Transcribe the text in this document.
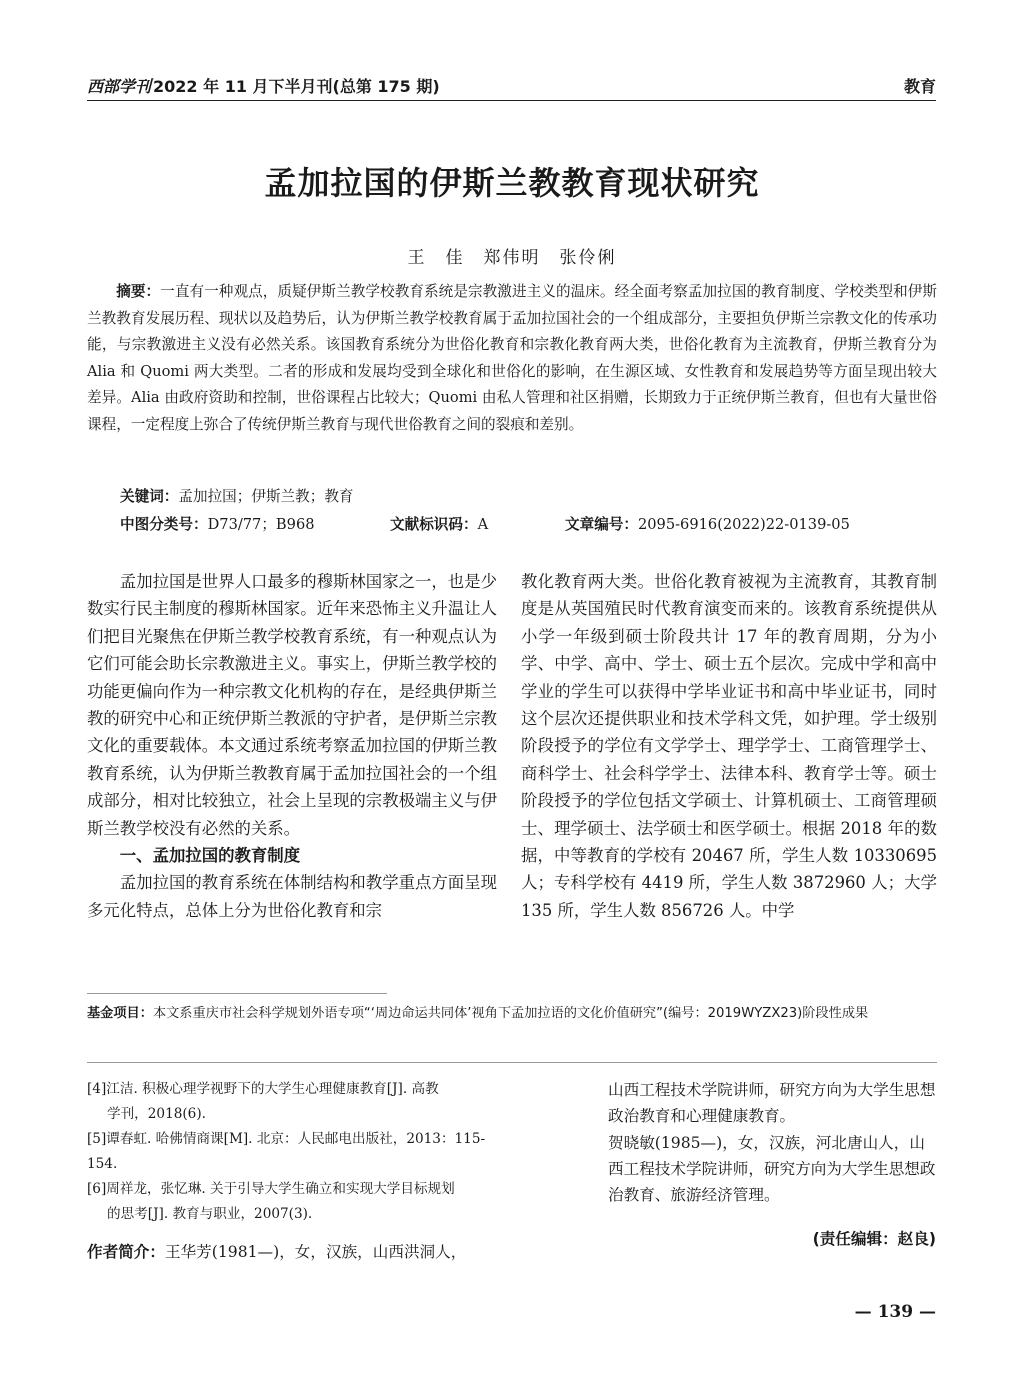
西部学刊 2022 年 11 月下半月刊(总第 175 期)	教育
孟加拉国的伊斯兰教教育现状研究
王　佳　郑伟明　张伶俐
摘要：一直有一种观点，质疑伊斯兰教学校教育系统是宗教激进主义的温床。经全面考察孟加拉国的教育制度、学校类型和伊斯兰教教育发展历程、现状以及趋势后，认为伊斯兰教学校教育属于孟加拉国社会的一个组成部分，主要担负伊斯兰宗教文化的传承功能，与宗教激进主义没有必然关系。该国教育系统分为世俗化教育和宗教化教育两大类，世俗化教育为主流教育，伊斯兰教育分为 Alia 和 Quomi 两大类型。二者的形成和发展均受到全球化和世俗化的影响，在生源区域、女性教育和发展趋势等方面呈现出较大差异。Alia 由政府资助和控制，世俗课程占比较大；Quomi 由私人管理和社区捐赠，长期致力于正统伊斯兰教育，但也有大量世俗课程，一定程度上弥合了传统伊斯兰教育与现代世俗教育之间的裂痕和差别。
关键词：孟加拉国；伊斯兰教；教育
中图分类号：D73/77；B968	文献标识码：A	文章编号：2095-6916(2022)22-0139-05

孟加拉国是世界人口最多的穆斯林国家之一，也是少数实行民主制度的穆斯林国家。近年来恐怖主义升温让人们把目光聚焦在伊斯兰教学校教育系统，有一种观点认为它们可能会助长宗教激进主义。事实上，伊斯兰教学校的功能更偏向作为一种宗教文化机构的存在，是经典伊斯兰教的研究中心和正统伊斯兰教派的守护者，是伊斯兰宗教文化的重要载体。本文通过系统考察孟加拉国的伊斯兰教教育系统，认为伊斯兰教教育属于孟加拉国社会的一个组成部分，相对比较独立，社会上呈现的宗教极端主义与伊斯兰教学校没有必然的关系。

一、孟加拉国的教育制度

孟加拉国的教育系统在体制结构和教学重点方面呈现多元化特点，总体上分为世俗化教育和宗

教化教育两大类。世俗化教育被视为主流教育，其教育制度是从英国殖民时代教育演变而来的。该教育系统提供从小学一年级到硕士阶段共计 17 年的教育周期，分为小学、中学、高中、学士、硕士五个层次。完成中学和高中学业的学生可以获得中学毕业证书和高中毕业证书，同时这个层次还提供职业和技术学科文凭，如护理。学士级别阶段授予的学位有文学学士、理学学士、工商管理学士、商科学士、社会科学学士、法律本科、教育学士等。硕士阶段授予的学位包括文学硕士、计算机硕士、工商管理硕士、理学硕士、法学硕士和医学硕士。根据 2018 年的数据，中等教育的学校有 20467 所，学生人数 10330695 人；专科学校有 4419 所，学生人数 3872960 人；大学 135 所，学生人数 856726 人。中学

基金项目：本文系重庆市社会科学规划外语专项“‘周边命运共同体’视角下孟加拉语的文化价值研究”(编号：2019WYZX23)阶段性成果

[4]江洁. 积极心理学视野下的大学生心理健康教育[J]. 高教

学刊，2018(6).

[5]谭春虹. 哈佛情商课[M]. 北京：人民邮电出版社，2013：115-154.

[6]周祥龙，张忆琳. 关于引导大学生确立和实现大学目标规划

的思考[J]. 教育与职业，2007(3).

作者简介：王华芳(1981—)，女，汉族，山西洪洞人，

山西工程技术学院讲师，研究方向为大学生思想政治教育和心理健康教育。

贺晓敏(1985—)，女，汉族，河北唐山人，山西工程技术学院讲师，研究方向为大学生思想政治教育、旅游经济管理。

(责任编辑：赵良)
— 139 —
